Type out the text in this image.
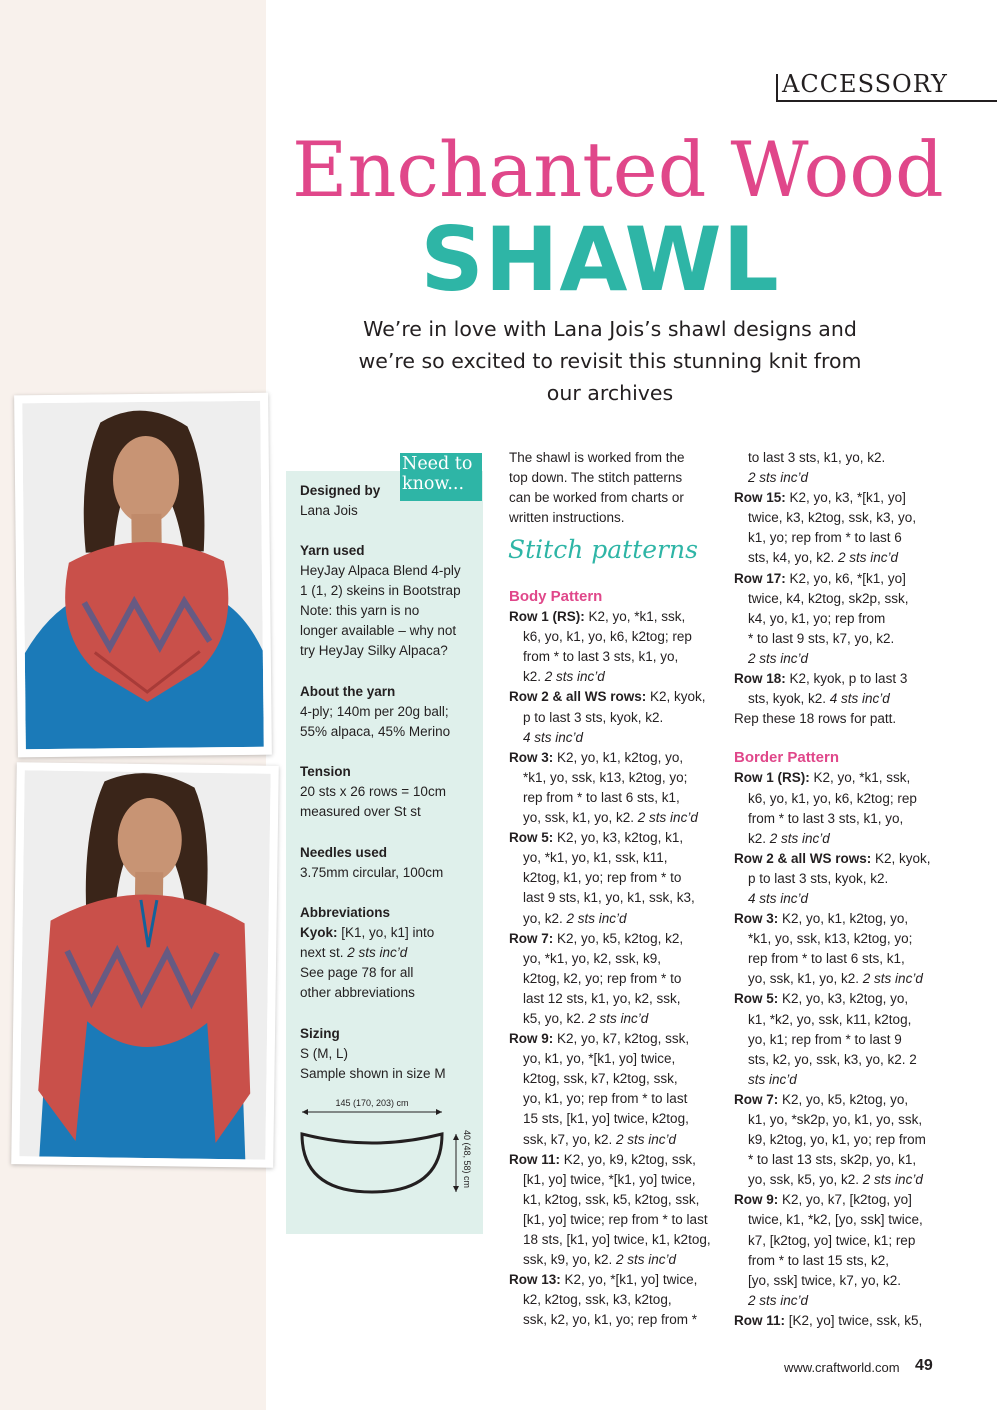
ACCESSORY
Enchanted Wood
SHAWL
We’re in love with Lana Jois’s shawl designs and
we’re so excited to revisit this stunning knit from
our archives
Need to
know...
Designed by
Lana Jois
Yarn used
HeyJay Alpaca Blend 4-ply
1 (1, 2) skeins in Bootstrap
Note: this yarn is no
longer available – why not
try HeyJay Silky Alpaca?
About the yarn
4-ply; 140m per 20g ball;
55% alpaca, 45% Merino
Tension
20 sts x 26 rows = 10cm
measured over St st
Needles used
3.75mm circular, 100cm
Abbreviations
Kyok: [K1, yo, k1] into
next st. 2 sts inc’d
See page 78 for all
other abbreviations
Sizing
S (M, L)
Sample shown in size M
145 (170, 203) cm
40 (48, 58) cm

The shawl is worked from the

top down. The stitch patterns

can be worked from charts or

written instructions.

Stitch patterns

Body Pattern

Row 1 (RS): K2, yo, *k1, ssk,

k6, yo, k1, yo, k6, k2tog; rep

from * to last 3 sts, k1, yo,

k2. 2 sts inc’d

Row 2 & all WS rows: K2, kyok,

p to last 3 sts, kyok, k2.

4 sts inc’d

Row 3: K2, yo, k1, k2tog, yo,

*k1, yo, ssk, k13, k2tog, yo;

rep from * to last 6 sts, k1,

yo, ssk, k1, yo, k2. 2 sts inc’d

Row 5: K2, yo, k3, k2tog, k1,

yo, *k1, yo, k1, ssk, k11,

k2tog, k1, yo; rep from * to

last 9 sts, k1, yo, k1, ssk, k3,

yo, k2. 2 sts inc’d

Row 7: K2, yo, k5, k2tog, k2,

yo, *k1, yo, k2, ssk, k9,

k2tog, k2, yo; rep from * to

last 12 sts, k1, yo, k2, ssk,

k5, yo, k2. 2 sts inc’d

Row 9: K2, yo, k7, k2tog, ssk,

yo, k1, yo, *[k1, yo] twice,

k2tog, ssk, k7, k2tog, ssk,

yo, k1, yo; rep from * to last

15 sts, [k1, yo] twice, k2tog,

ssk, k7, yo, k2. 2 sts inc’d

Row 11: K2, yo, k9, k2tog, ssk,

[k1, yo] twice, *[k1, yo] twice,

k1, k2tog, ssk, k5, k2tog, ssk,

[k1, yo] twice; rep from * to last

18 sts, [k1, yo] twice, k1, k2tog,

ssk, k9, yo, k2. 2 sts inc’d

Row 13: K2, yo, *[k1, yo] twice,

k2, k2tog, ssk, k3, k2tog,

ssk, k2, yo, k1, yo; rep from *

to last 3 sts, k1, yo, k2.

2 sts inc’d

Row 15: K2, yo, k3, *[k1, yo]

twice, k3, k2tog, ssk, k3, yo,

k1, yo; rep from * to last 6

sts, k4, yo, k2. 2 sts inc’d

Row 17: K2, yo, k6, *[k1, yo]

twice, k4, k2tog, sk2p, ssk,

k4, yo, k1, yo; rep from

* to last 9 sts, k7, yo, k2.

2 sts inc’d

Row 18: K2, kyok, p to last 3

sts, kyok, k2. 4 sts inc’d

Rep these 18 rows for patt.

Border Pattern

Row 1 (RS): K2, yo, *k1, ssk,

k6, yo, k1, yo, k6, k2tog; rep

from * to last 3 sts, k1, yo,

k2. 2 sts inc’d

Row 2 & all WS rows: K2, kyok,

p to last 3 sts, kyok, k2.

4 sts inc’d

Row 3: K2, yo, k1, k2tog, yo,

*k1, yo, ssk, k13, k2tog, yo;

rep from * to last 6 sts, k1,

yo, ssk, k1, yo, k2. 2 sts inc’d

Row 5: K2, yo, k3, k2tog, yo,

k1, *k2, yo, ssk, k11, k2tog,

yo, k1; rep from * to last 9

sts, k2, yo, ssk, k3, yo, k2. 2

sts inc’d

Row 7: K2, yo, k5, k2tog, yo,

k1, yo, *sk2p, yo, k1, yo, ssk,

k9, k2tog, yo, k1, yo; rep from

* to last 13 sts, sk2p, yo, k1,

yo, ssk, k5, yo, k2. 2 sts inc’d

Row 9: K2, yo, k7, [k2tog, yo]

twice, k1, *k2, [yo, ssk] twice,

k7, [k2tog, yo] twice, k1; rep

from * to last 15 sts, k2,

[yo, ssk] twice, k7, yo, k2.

2 sts inc’d

Row 11: [K2, yo] twice, ssk, k5,

www.craftworld.com 49
